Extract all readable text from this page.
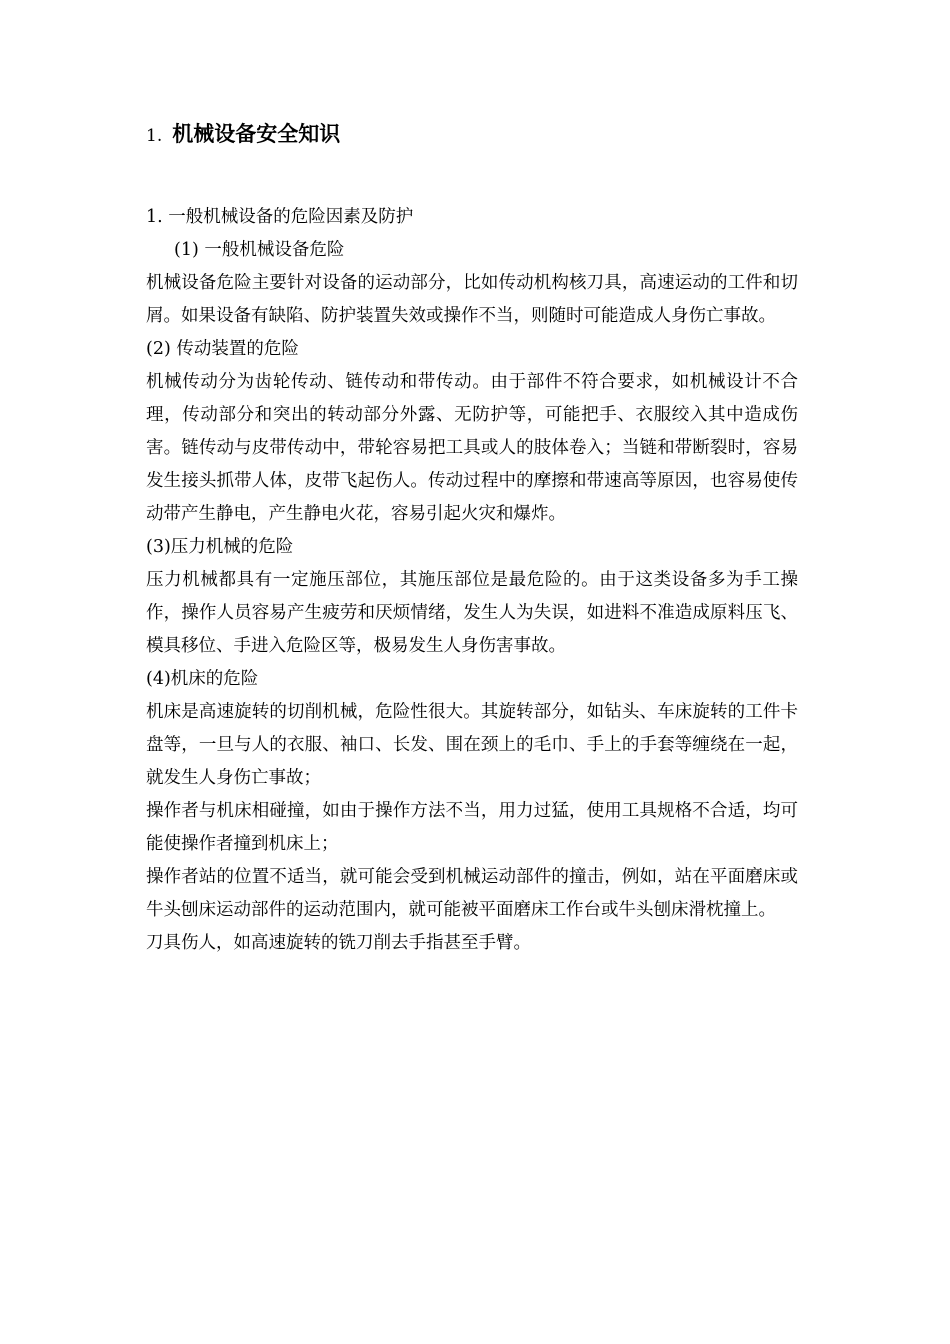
1. 机械设备安全知识

1. 一般机械设备的危险因素及防护

(1) 一般机械设备危险

机械设备危险主要针对设备的运动部分，比如传动机构核刀具，高速运动的工件和切屑。如果设备有缺陷、防护装置失效或操作不当，则随时可能造成人身伤亡事故。

(2) 传动装置的危险

机械传动分为齿轮传动、链传动和带传动。由于部件不符合要求，如机械设计不合理，传动部分和突出的转动部分外露、无防护等，可能把手、衣服绞入其中造成伤害。链传动与皮带传动中，带轮容易把工具或人的肢体卷入；当链和带断裂时，容易发生接头抓带人体，皮带飞起伤人。传动过程中的摩擦和带速高等原因，也容易使传动带产生静电，产生静电火花，容易引起火灾和爆炸。

(3)压力机械的危险

压力机械都具有一定施压部位，其施压部位是最危险的。由于这类设备多为手工操作，操作人员容易产生疲劳和厌烦情绪，发生人为失误，如进料不准造成原料压飞、模具移位、手进入危险区等，极易发生人身伤害事故。

(4)机床的危险

机床是高速旋转的切削机械，危险性很大。其旋转部分，如钻头、车床旋转的工件卡盘等，一旦与人的衣服、袖口、长发、围在颈上的毛巾、手上的手套等缠绕在一起，就发生人身伤亡事故；

操作者与机床相碰撞，如由于操作方法不当，用力过猛，使用工具规格不合适，均可能使操作者撞到机床上；

操作者站的位置不适当，就可能会受到机械运动部件的撞击，例如，站在平面磨床或牛头刨床运动部件的运动范围内，就可能被平面磨床工作台或牛头刨床滑枕撞上。

刀具伤人，如高速旋转的铣刀削去手指甚至手臂。
